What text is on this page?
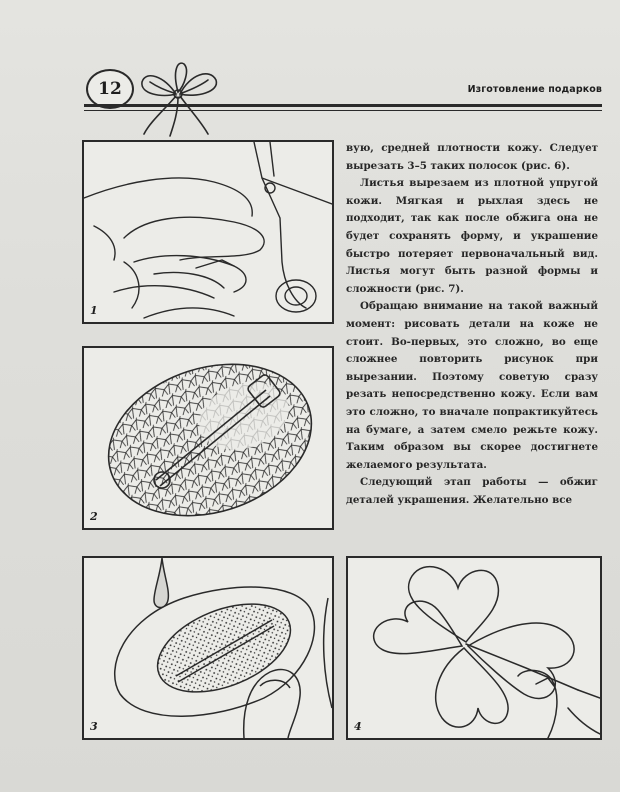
12	Изготовление подарков
1
2
3	4

вую, средней плотности кожу. Следует вырезать 3–5 таких полосок (рис. 6).

Листья вырезаем из плотной упругой кожи. Мягкая и рыхлая здесь не подходит, так как после обжига она не будет сохранять форму, и украшение быстро потеряет первоначальный вид. Листья могут быть разной формы и сложности (рис. 7).

Обращаю внимание на такой важный момент: рисовать детали на коже не стоит. Во-первых, это сложно, во еще сложнее повторить рисунок при вырезании. Поэтому советую сразу резать непосредственно кожу. Если вам это сложно, то вначале попрактикуйтесь на бумаге, а затем смело режьте кожу. Таким образом вы скорее достигнете желаемого результата.

Следующий этап работы — обжиг деталей украшения. Желательно все
